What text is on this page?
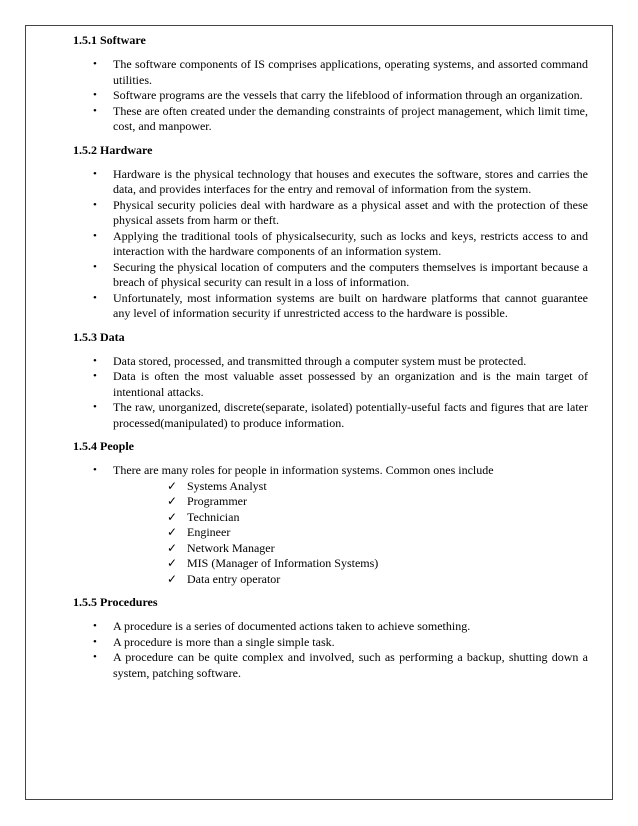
1.5.1 Software
• The software components of IS comprises applications, operating systems, and assorted command utilities.
• Software programs are the vessels that carry the lifeblood of information through an organization.
• These are often created under the demanding constraints of project management, which limit time, cost, and manpower.
1.5.2 Hardware
• Hardware is the physical technology that houses and executes the software, stores and carries the data, and provides interfaces for the entry and removal of information from the system.
• Physical security policies deal with hardware as a physical asset and with the protection of these physical assets from harm or theft.
• Applying the traditional tools of physicalsecurity, such as locks and keys, restricts access to and interaction with the hardware components of an information system.
• Securing the physical location of computers and the computers themselves is important because a breach of physical security can result in a loss of information.
• Unfortunately, most information systems are built on hardware platforms that cannot guarantee any level of information security if unrestricted access to the hardware is possible.
1.5.3 Data
• Data stored, processed, and transmitted through a computer system must be protected.
• Data is often the most valuable asset possessed by an organization and is the main target of intentional attacks.
• The raw, unorganized, discrete(separate, isolated) potentially-useful facts and figures that are later processed(manipulated) to produce information.
1.5.4 People
• There are many roles for people in information systems. Common ones include
✓ Systems Analyst
✓ Programmer
✓ Technician
✓ Engineer
✓ Network Manager
✓ MIS (Manager of Information Systems)
✓ Data entry operator
1.5.5 Procedures
• A procedure is a series of documented actions taken to achieve something.
• A procedure is more than a single simple task.
• A procedure can be quite complex and involved, such as performing a backup, shutting down a system, patching software.
